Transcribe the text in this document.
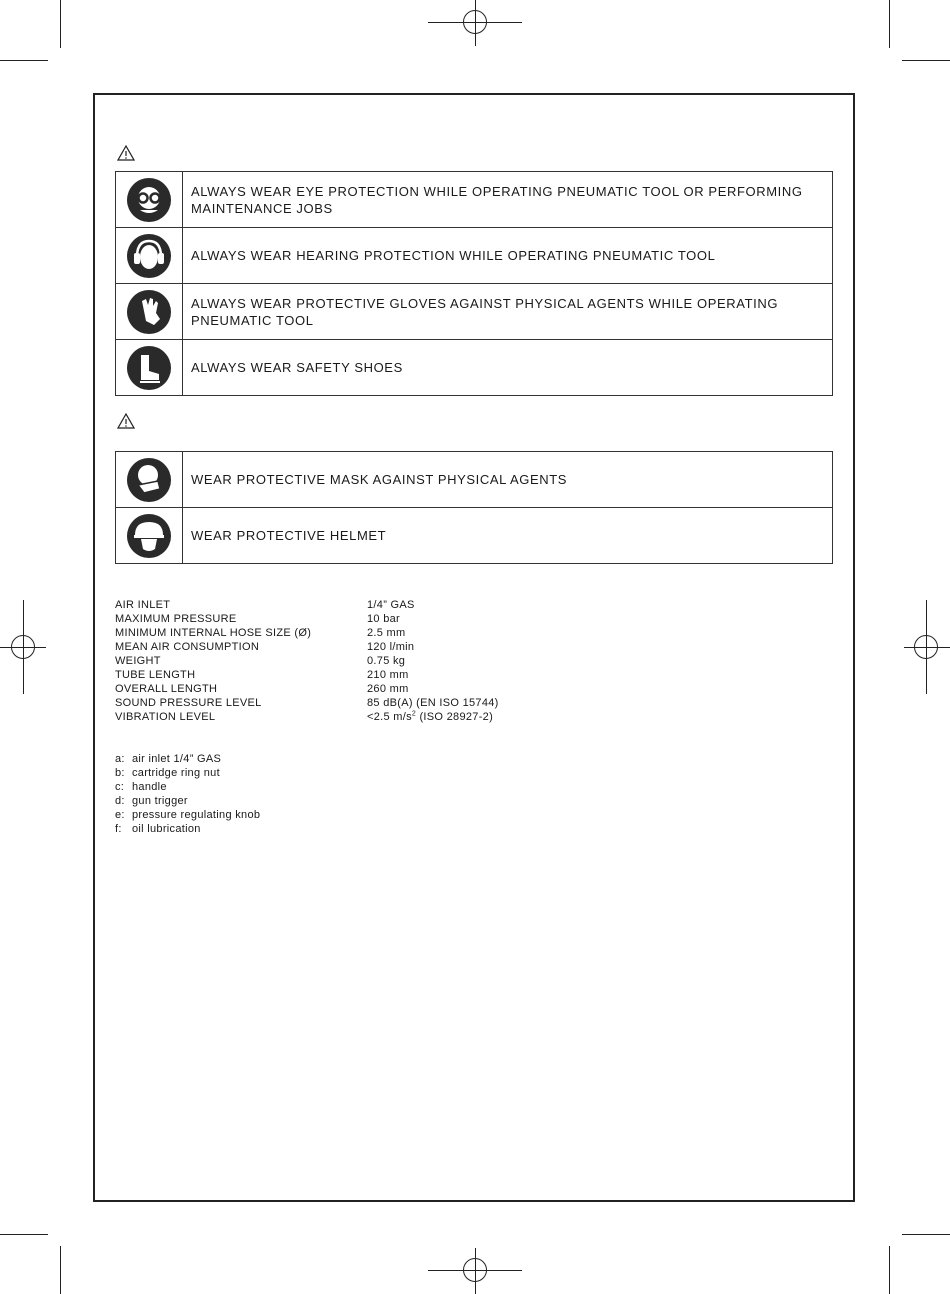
	ALWAYS WEAR EYE PROTECTION WHILE OPERATING PNEUMATIC TOOL OR PERFORMING MAINTENANCE JOBS

	ALWAYS WEAR HEARING PROTECTION WHILE OPERATING PNEUMATIC TOOL

	ALWAYS WEAR PROTECTIVE GLOVES AGAINST PHYSICAL AGENTS WHILE OPERATING PNEUMATIC TOOL

	ALWAYS WEAR SAFETY SHOES
	WEAR PROTECTIVE MASK AGAINST PHYSICAL AGENTS

	WEAR PROTECTIVE HELMET
AIR INLET	1/4” GAS
MAXIMUM PRESSURE	10 bar
MINIMUM INTERNAL HOSE SIZE (Ø)	2.5 mm
MEAN AIR CONSUMPTION	120 l/min
WEIGHT	0.75 kg
TUBE LENGTH	210 mm
OVERALL LENGTH	260 mm
SOUND PRESSURE LEVEL	85 dB(A) (EN ISO 15744)
VIBRATION LEVEL	<2.5 $m/s^2$ (ISO 28927-2)
a: air inlet 1/4” GAS
b: cartridge ring nut
c: handle
d: gun trigger
e: pressure regulating knob
f: oil lubrication
